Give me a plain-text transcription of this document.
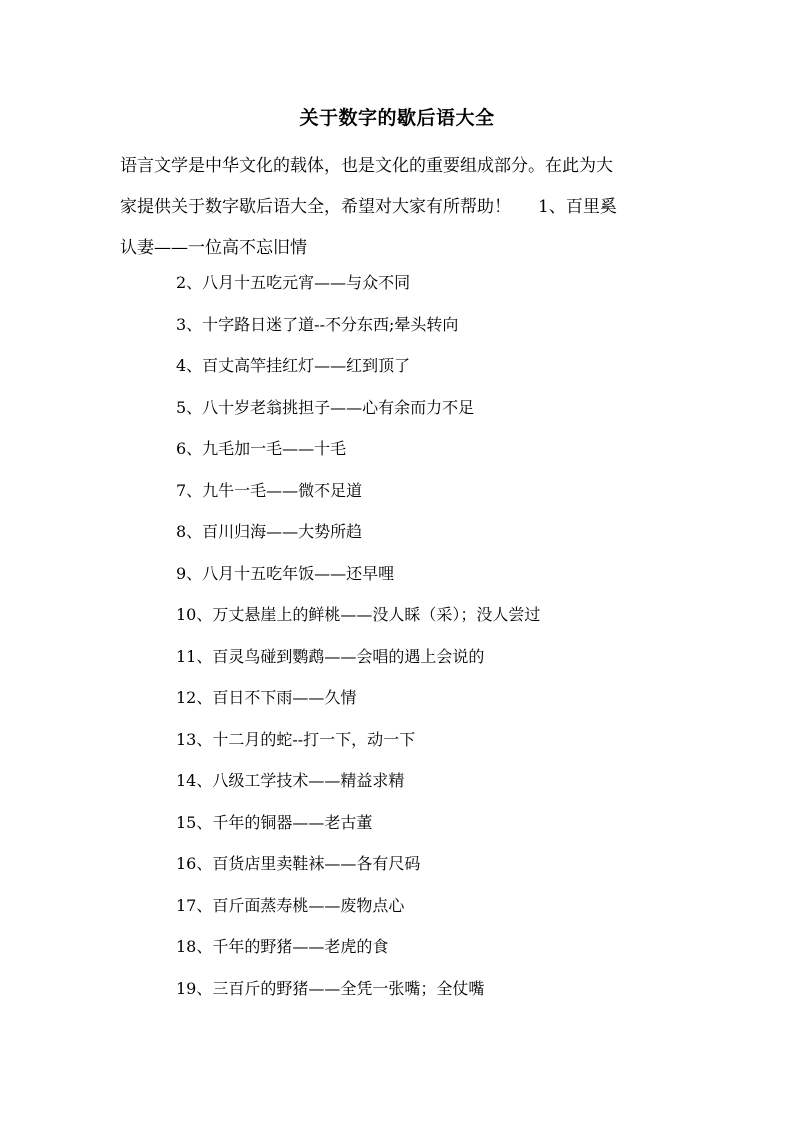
关于数字的歇后语大全
语言文学是中华文化的载体，也是文化的重要组成部分。在此为大
家提供关于数字歇后语大全，希望对大家有所帮助！     1、百里奚
认妻——一位高不忘旧情
2、八月十五吃元宵——与众不同
3、十字路日迷了道--不分东西;晕头转向
4、百丈高竿挂红灯——红到顶了
5、八十岁老翁挑担子——心有余而力不足
6、九毛加一毛——十毛
7、九牛一毛——微不足道
8、百川归海——大势所趋
9、八月十五吃年饭——还早哩
10、万丈悬崖上的鲜桃——没人睬（采）；没人尝过
11、百灵鸟碰到鹦鹉——会唱的遇上会说的
12、百日不下雨——久情
13、十二月的蛇--打一下，动一下
14、八级工学技术——精益求精
15、千年的铜器——老古董
16、百货店里卖鞋袜——各有尺码
17、百斤面蒸寿桃——废物点心
18、千年的野猪——老虎的食
19、三百斤的野猪——全凭一张嘴；全仗嘴
